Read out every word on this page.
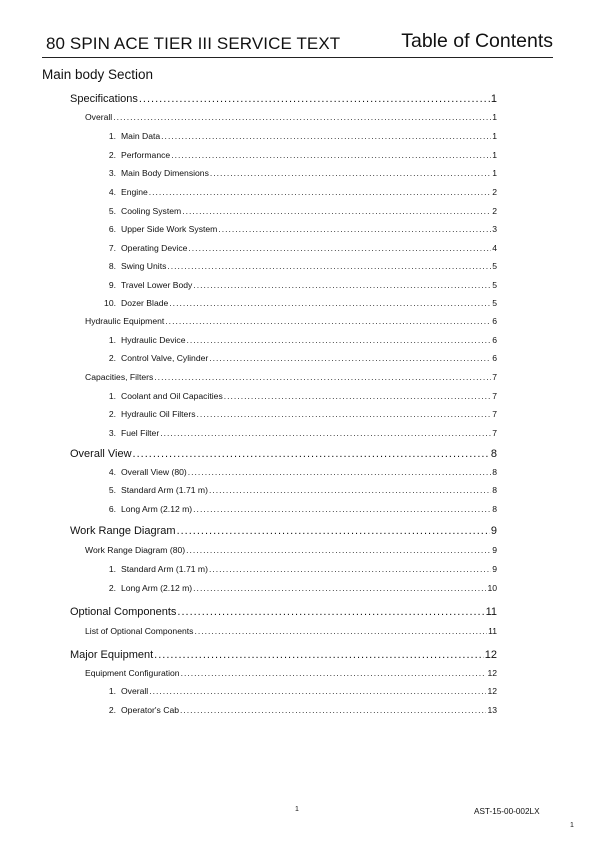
80 SPIN ACE TIER III SERVICE TEXT	Table of Contents
Main body Section
Specifications .....	1
Overall .....	1
1. Main Data .....	1
2. Performance .....	1
3. Main Body Dimensions .....	1
4. Engine .....	2
5. Cooling System .....	2
6. Upper Side Work System .....	3
7. Operating Device .....	4
8. Swing Units .....	5
9. Travel Lower Body .....	5
10. Dozer Blade .....	5
Hydraulic Equipment .....	6
1. Hydraulic Device .....	6
2. Control Valve, Cylinder .....	6
Capacities, Filters .....	7
1. Coolant and Oil Capacities .....	7
2. Hydraulic Oil Filters .....	7
3. Fuel Filter .....	7
Overall View .....	8
4. Overall View (80) .....	8
5. Standard Arm (1.71 m) .....	8
6. Long Arm (2.12 m) .....	8
Work Range Diagram .....	9
Work Range Diagram (80) .....	9
1. Standard Arm (1.71 m) .....	9
2. Long Arm (2.12 m) .....	10
Optional Components .....	11
List of Optional Components .....	11
Major Equipment .....	12
Equipment Configuration .....	12
1. Overall .....	12
2. Operator's Cab .....	13
1	AST-15-00-002LX
1
